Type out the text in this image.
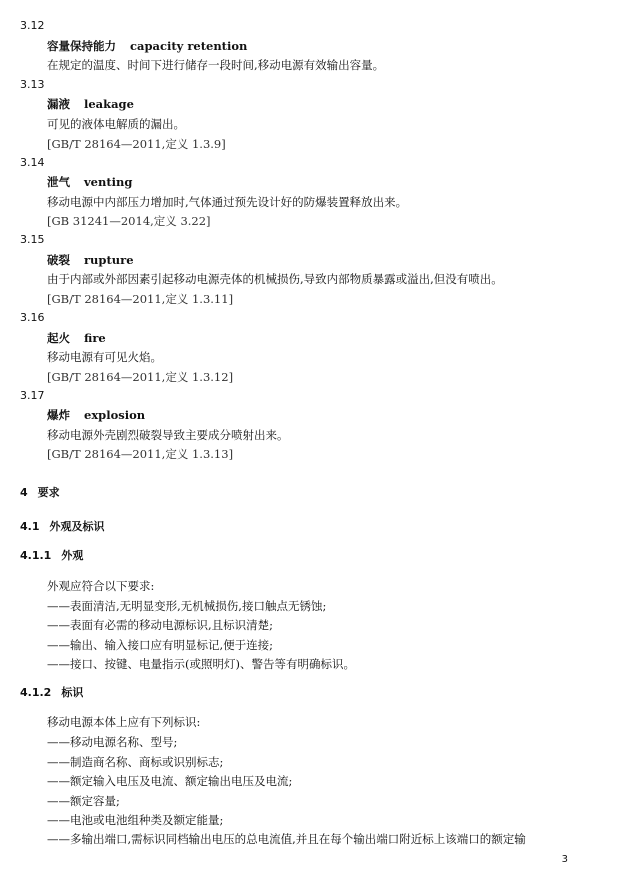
3.12
容量保持能力 capacity retention
在规定的温度、时间下进行储存一段时间,移动电源有效输出容量。
3.13
漏液 leakage
可见的液体电解质的漏出。
[GB/T 28164—2011,定义 1.3.9]
3.14
泄气 venting
移动电源中内部压力增加时,气体通过预先设计好的防爆装置释放出来。
[GB 31241—2014,定义 3.22]
3.15
破裂 rupture
由于内部或外部因素引起移动电源壳体的机械损伤,导致内部物质暴露或溢出,但没有喷出。
[GB/T 28164—2011,定义 1.3.11]
3.16
起火 fire
移动电源有可见火焰。
[GB/T 28164—2011,定义 1.3.12]
3.17
爆炸 explosion
移动电源外壳剧烈破裂导致主要成分喷射出来。
[GB/T 28164—2011,定义 1.3.13]
4 要求
4.1 外观及标识
4.1.1 外观
外观应符合以下要求:
——表面清洁,无明显变形,无机械损伤,接口触点无锈蚀;
——表面有必需的移动电源标识,且标识清楚;
——输出、输入接口应有明显标记,便于连接;
——接口、按键、电量指示(或照明灯)、警告等有明确标识。
4.1.2 标识
移动电源本体上应有下列标识:
——移动电源名称、型号;
——制造商名称、商标或识别标志;
——额定输入电压及电流、额定输出电压及电流;
——额定容量;
——电池或电池组种类及额定能量;
——多输出端口,需标识同档输出电压的总电流值,并且在每个输出端口附近标上该端口的额定输
3
